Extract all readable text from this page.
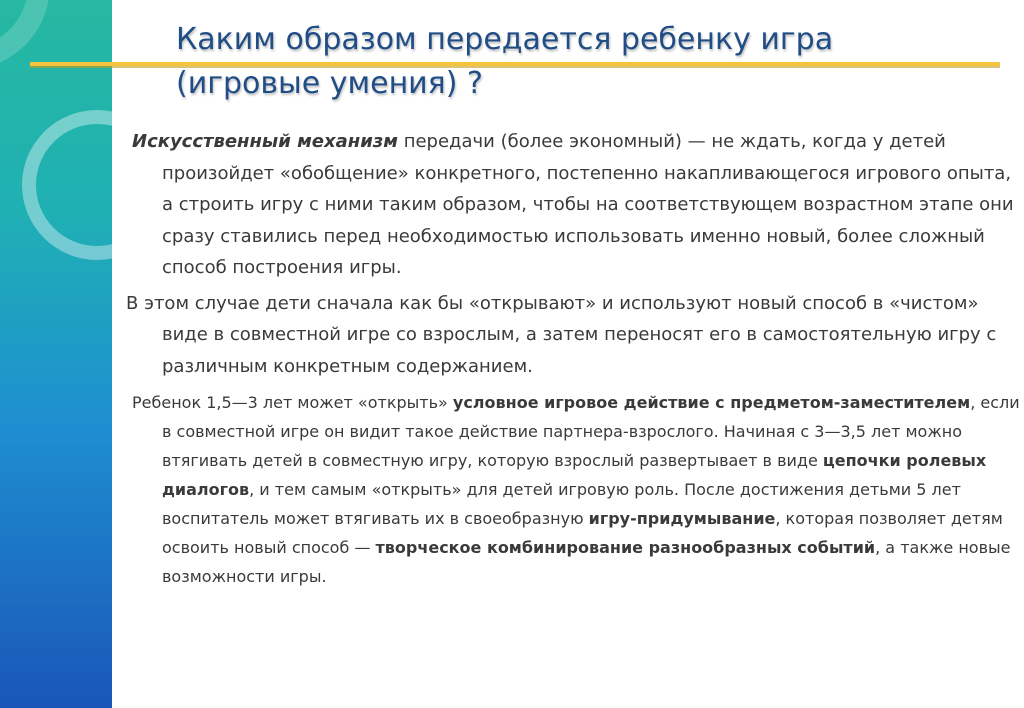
Каким образом передается ребенку игра
(игровые умения) ?

Искусственный механизм передачи (более экономный) — не ждать, когда у детей произойдет «обобщение» конкретного, постепенно накапливающегося игрового опыта, а строить игру с ними таким образом, чтобы на соответствующем возрастном этапе они сразу ставились перед необходимостью использовать именно новый, более сложный способ построения игры.

В этом случае дети сначала как бы «открывают» и используют новый способ в «чистом» виде в совместной игре со взрослым, а затем переносят его в самостоятельную игру с различным конкретным содержанием.

Ребенок 1,5—3 лет может «открыть» условное игровое действие с предметом-заместителем, если в совместной игре он видит такое действие партнера-взрослого. Начиная с 3—3,5 лет можно втягивать детей в совместную игру, которую взрослый развертывает в виде цепочки ролевых диалогов, и тем самым «открыть» для детей игровую роль. После достижения детьми 5 лет воспитатель может втягивать их в своеобразную игру-придумывание, которая позволяет детям освоить новый способ — творческое комбинирование разнообразных событий, а также новые возможности игры.
